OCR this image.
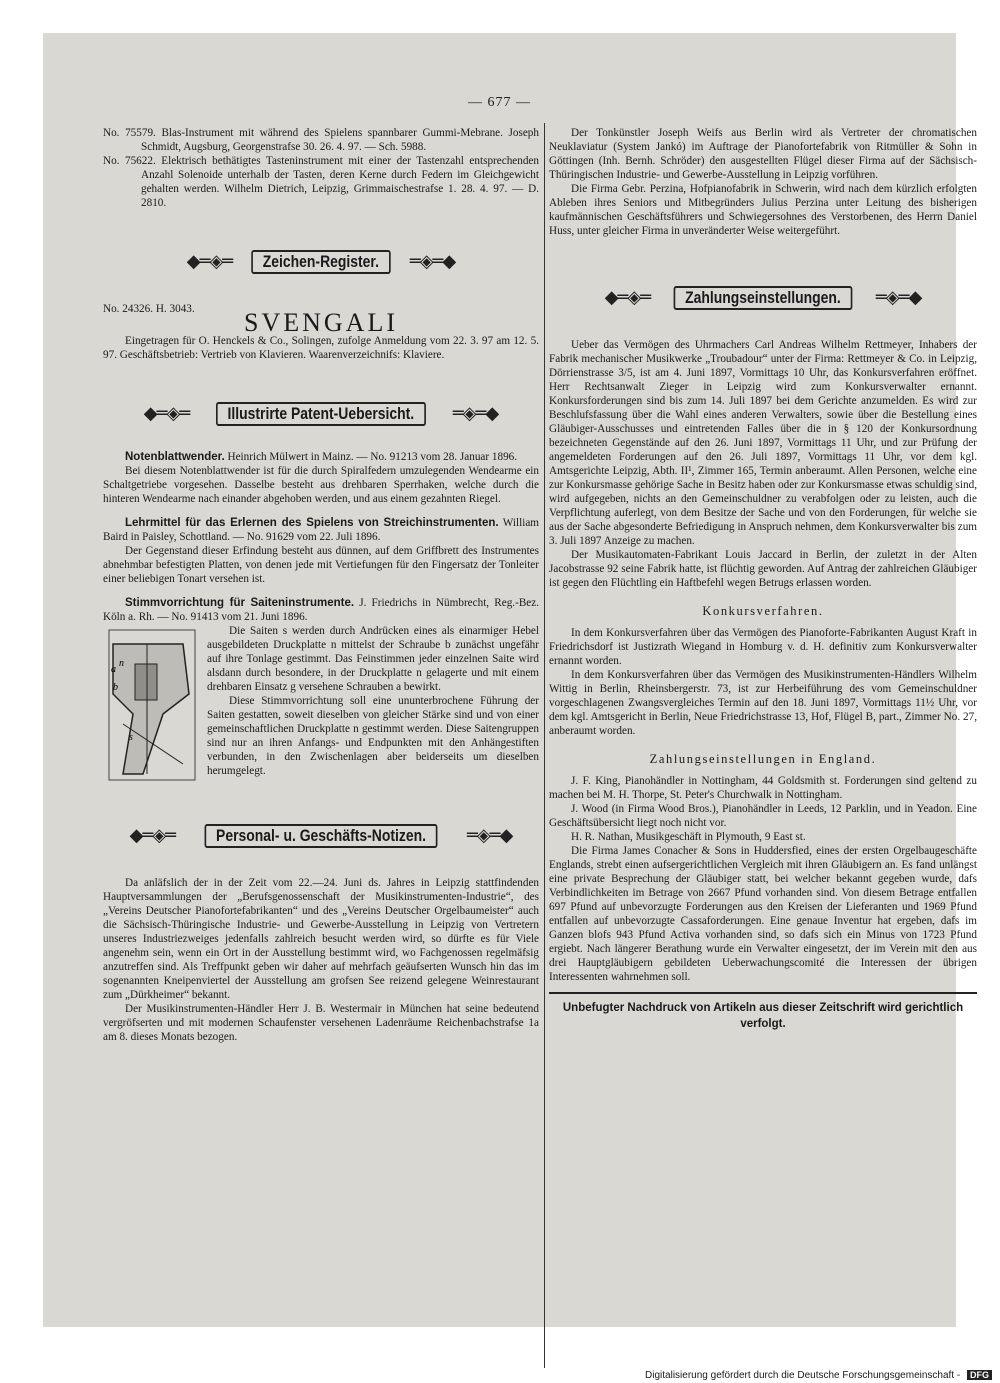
— 677 —

No. 75579. Blas-Instrument mit während des Spielens spannbarer Gummi-Mebrane. Joseph Schmidt, Augsburg, Georgenstrafse 30. 26. 4. 97. — Sch. 5988.

No. 75622. Elektrisch bethätigtes Tasteninstrument mit einer der Tastenzahl entsprechenden Anzahl Solenoide unterhalb der Tasten, deren Kerne durch Federn im Gleichgewicht gehalten werden. Wilhelm Dietrich, Leipzig, Grimmaischestrafse 1. 28. 4. 97. — D. 2810.

◆═◈═	Zeichen-Register.	═◈═◆

No. 24326. H. 3043.	SVENGALI

Eingetragen für O. Henckels & Co., Solingen, zufolge Anmeldung vom 22. 3. 97 am 12. 5. 97. Geschäftsbetrieb: Vertrieb von Klavieren. Waarenverzeichnifs: Klaviere.

◆═◈═	Illustrirte Patent-Uebersicht.	═◈═◆

Notenblattwender. Heinrich Mülwert in Mainz. — No. 91213 vom 28. Januar 1896.

Bei diesem Notenblattwender ist für die durch Spiralfedern umzulegenden Wendearme ein Schaltgetriebe vorgesehen. Dasselbe besteht aus drehbaren Sperrhaken, welche durch die hinteren Wendearme nach einander abgehoben werden, und aus einem gezahnten Riegel.

Lehrmittel für das Erlernen des Spielens von Streichinstrumenten. William Baird in Paisley, Schottland. — No. 91629 vom 22. Juli 1896.

Der Gegenstand dieser Erfindung besteht aus dünnen, auf dem Griffbrett des Instrumentes abnehmbar befestigten Platten, von denen jede mit Vertiefungen für den Fingersatz der Tonleiter einer beliebigen Tonart versehen ist.

Stimmvorrichtung für Saiteninstrumente. J. Friedrichs in Nümbrecht, Reg.-Bez. Köln a. Rh. — No. 91413 vom 21. Juni 1896.

a
n
b
s

Die Saiten s werden durch Andrücken eines als einarmiger Hebel ausgebildeten Druckplatte n mittelst der Schraube b zunächst ungefähr auf ihre Tonlage gestimmt. Das Feinstimmen jeder einzelnen Saite wird alsdann durch besondere, in der Druckplatte n gelagerte und mit einem drehbaren Einsatz g versehene Schrauben a bewirkt.

Diese Stimmvorrichtung soll eine ununterbrochene Führung der Saiten gestatten, soweit dieselben von gleicher Stärke sind und von einer gemeinschaftlichen Druckplatte n gestimmt werden. Diese Saitengruppen sind nur an ihren Anfangs- und Endpunkten mit den Anhängestiften verbunden, in den Zwischenlagen aber beiderseits um dieselben herumgelegt.

◆═◈═	Personal- u. Geschäfts-Notizen.	═◈═◆

Da anläfslich der in der Zeit vom 22.—24. Juni ds. Jahres in Leipzig stattfindenden Hauptversammlungen der „Berufsgenossenschaft der Musikinstrumenten-Industrie“, des „Vereins Deutscher Pianofortefabrikanten“ und des „Vereins Deutscher Orgelbaumeister“ auch die Sächsisch-Thüringische Industrie- und Gewerbe-Ausstellung in Leipzig von Vertretern unseres Industriezweiges jedenfalls zahlreich besucht werden wird, so dürfte es für Viele angenehm sein, wenn ein Ort in der Ausstellung bestimmt wird, wo Fachgenossen regelmäfsig anzutreffen sind. Als Treffpunkt geben wir daher auf mehrfach geäufserten Wunsch hin das im sogenannten Kneipenviertel der Ausstellung am grofsen See reizend gelegene Weinrestaurant zum „Dürkheimer“ bekannt.

Der Musikinstrumenten-Händler Herr J. B. Westermair in München hat seine bedeutend vergröfserten und mit modernen Schaufenster versehenen Ladenräume Reichenbachstrafse 1a am 8. dieses Monats bezogen.

Der Tonkünstler Joseph Weifs aus Berlin wird als Vertreter der chromatischen Neuklaviatur (System Jankó) im Auftrage der Pianofortefabrik von Ritmüller & Sohn in Göttingen (Inh. Bernh. Schröder) den ausgestellten Flügel dieser Firma auf der Sächsisch-Thüringischen Industrie- und Gewerbe-Ausstellung in Leipzig vorführen.

Die Firma Gebr. Perzina, Hofpianofabrik in Schwerin, wird nach dem kürzlich erfolgten Ableben ihres Seniors und Mitbegründers Julius Perzina unter Leitung des bisherigen kaufmännischen Geschäftsführers und Schwiegersohnes des Verstorbenen, des Herrn Daniel Huss, unter gleicher Firma in unveränderter Weise weitergeführt.

◆═◈═	Zahlungseinstellungen.	═◈═◆

Ueber das Vermögen des Uhrmachers Carl Andreas Wilhelm Rettmeyer, Inhabers der Fabrik mechanischer Musikwerke „Troubadour“ unter der Firma: Rettmeyer & Co. in Leipzig, Dörrienstrasse 3/5, ist am 4. Juni 1897, Vormittags 10 Uhr, das Konkursverfahren eröffnet. Herr Rechtsanwalt Zieger in Leipzig wird zum Konkursverwalter ernannt. Konkursforderungen sind bis zum 14. Juli 1897 bei dem Gerichte anzumelden. Es wird zur Beschlufsfassung über die Wahl eines anderen Verwalters, sowie über die Bestellung eines Gläubiger-Ausschusses und eintretenden Falles über die in § 120 der Konkursordnung bezeichneten Gegenstände auf den 26. Juni 1897, Vormittags 11 Uhr, und zur Prüfung der angemeldeten Forderungen auf den 26. Juli 1897, Vormittags 11 Uhr, vor dem kgl. Amtsgerichte Leipzig, Abth. II¹, Zimmer 165, Termin anberaumt. Allen Personen, welche eine zur Konkursmasse gehörige Sache in Besitz haben oder zur Konkursmasse etwas schuldig sind, wird aufgegeben, nichts an den Gemeinschuldner zu verabfolgen oder zu leisten, auch die Verpflichtung auferlegt, von dem Besitze der Sache und von den Forderungen, für welche sie aus der Sache abgesonderte Befriedigung in Anspruch nehmen, dem Konkursverwalter bis zum 3. Juli 1897 Anzeige zu machen.

Der Musikautomaten-Fabrikant Louis Jaccard in Berlin, der zuletzt in der Alten Jacobstrasse 92 seine Fabrik hatte, ist flüchtig geworden. Auf Antrag der zahlreichen Gläubiger ist gegen den Flüchtling ein Haftbefehl wegen Betrugs erlassen worden.

Konkursverfahren.

In dem Konkursverfahren über das Vermögen des Pianoforte-Fabrikanten August Kraft in Friedrichsdorf ist Justizrath Wiegand in Homburg v. d. H. definitiv zum Konkursverwalter ernannt worden.

In dem Konkursverfahren über das Vermögen des Musikinstrumenten-Händlers Wilhelm Wittig in Berlin, Rheinsbergerstr. 73, ist zur Herbeiführung des vom Gemeinschuldner vorgeschlagenen Zwangsvergleiches Termin auf den 18. Juni 1897, Vormittags 11½ Uhr, vor dem kgl. Amtsgericht in Berlin, Neue Friedrichstrasse 13, Hof, Flügel B, part., Zimmer No. 27, anberaumt worden.

Zahlungseinstellungen in England.

J. F. King, Pianohändler in Nottingham, 44 Goldsmith st. Forderungen sind geltend zu machen bei M. H. Thorpe, St. Peter's Churchwalk in Nottingham.

J. Wood (in Firma Wood Bros.), Pianohändler in Leeds, 12 Parklin, und in Yeadon. Eine Geschäftsübersicht liegt noch nicht vor.

H. R. Nathan, Musikgeschäft in Plymouth, 9 East st.

Die Firma James Conacher & Sons in Huddersfied, eines der ersten Orgelbaugeschäfte Englands, strebt einen aufsergerichtlichen Vergleich mit ihren Gläubigern an. Es fand unlängst eine private Besprechung der Gläubiger statt, bei welcher bekannt gegeben wurde, dafs Verbindlichkeiten im Betrage von 2667 Pfund vorhanden sind. Von diesem Betrage entfallen 697 Pfund auf unbevorzugte Forderungen aus den Kreisen der Lieferanten und 1969 Pfund entfallen auf unbevorzugte Cassaforderungen. Eine genaue Inventur hat ergeben, dafs im Ganzen blofs 943 Pfund Activa vorhanden sind, so dafs sich ein Minus von 1723 Pfund ergiebt. Nach längerer Berathung wurde ein Verwalter eingesetzt, der im Verein mit den aus drei Hauptgläubigern gebildeten Ueberwachungscomité die Interessen der übrigen Interessenten wahrnehmen soll.

Unbefugter Nachdruck von Artikeln aus dieser Zeitschrift wird gerichtlich verfolgt.
Digitalisierung gefördert durch die Deutsche Forschungsgemeinschaft - DFG
